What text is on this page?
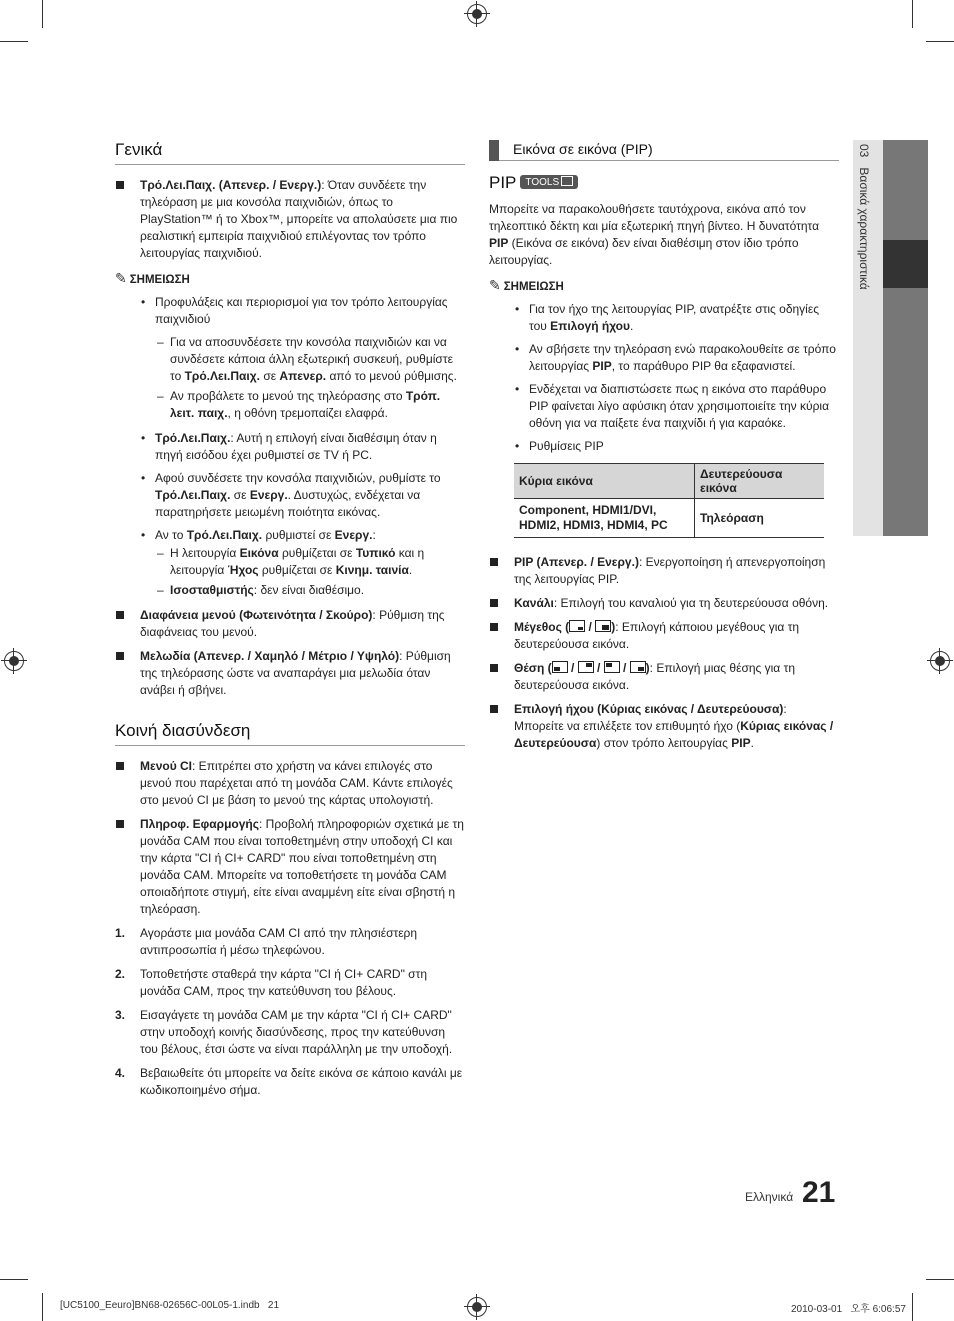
03   Βασικά χαρακτηριστικά
Γενικά
Τρό.Λει.Παιχ. (Απενερ. / Ενεργ.): Όταν συνδέετε την τηλεόραση με μια κονσόλα παιχνιδιών, όπως το PlayStation™ ή το Xbox™, μπορείτε να απολαύσετε μια πιο ρεαλιστική εμπειρία παιχνιδιού επιλέγοντας τον τρόπο λειτουργίας παιχνιδιού.
✎ ΣΗΜΕΙΩΣΗ
• Προφυλάξεις και περιορισμοί για τον τρόπο λειτουργίας παιχνιδιού
– Για να αποσυνδέσετε την κονσόλα παιχνιδιών και να συνδέσετε κάποια άλλη εξωτερική συσκευή, ρυθμίστε το Τρό.Λει.Παιχ. σε Απενερ. από το μενού ρύθμισης.
– Αν προβάλετε το μενού της τηλεόρασης στο Τρόπ. λειτ. παιχ., η οθόνη τρεμοπαίζει ελαφρά.
• Τρό.Λει.Παιχ.: Αυτή η επιλογή είναι διαθέσιμη όταν η πηγή εισόδου έχει ρυθμιστεί σε TV ή PC.
• Αφού συνδέσετε την κονσόλα παιχνιδιών, ρυθμίστε το Τρό.Λει.Παιχ. σε Ενεργ.. Δυστυχώς, ενδέχεται να παρατηρήσετε μειωμένη ποιότητα εικόνας.
• Αν το Τρό.Λει.Παιχ. ρυθμιστεί σε Ενεργ.:
– Η λειτουργία Εικόνα ρυθμίζεται σε Τυπικό και η λειτουργία Ήχος ρυθμίζεται σε Κινημ. ταινία.
– Ισοσταθμιστής: δεν είναι διαθέσιμο.
Διαφάνεια μενού (Φωτεινότητα / Σκούρο): Ρύθμιση της διαφάνειας του μενού.
Μελωδία (Απενερ. / Χαμηλό / Μέτριο / Υψηλό): Ρύθμιση της τηλεόρασης ώστε να αναπαράγει μια μελωδία όταν ανάβει ή σβήνει.
Κοινή διασύνδεση
Μενού CI: Επιτρέπει στο χρήστη να κάνει επιλογές στο μενού που παρέχεται από τη μονάδα CAM. Κάντε επιλογές στο μενού CI με βάση το μενού της κάρτας υπολογιστή.
Πληροφ. Εφαρμογής: Προβολή πληροφοριών σχετικά με τη μονάδα CAM που είναι τοποθετημένη στην υποδοχή CI και την κάρτα "CI ή CI+ CARD" που είναι τοποθετημένη στη μονάδα CAM. Μπορείτε να τοποθετήσετε τη μονάδα CAM οποιαδήποτε στιγμή, είτε είναι αναμμένη είτε είναι σβηστή η τηλεόραση.
1. Αγοράστε μια μονάδα CAM CI από την πλησιέστερη αντιπροσωπία ή μέσω τηλεφώνου.
2. Τοποθετήστε σταθερά την κάρτα "CI ή CI+ CARD" στη μονάδα CAM, προς την κατεύθυνση του βέλους.
3. Εισαγάγετε τη μονάδα CAM με την κάρτα "CI ή CI+ CARD" στην υποδοχή κοινής διασύνδεσης, προς την κατεύθυνση του βέλους, έτσι ώστε να είναι παράλληλη με την υποδοχή.
4. Βεβαιωθείτε ότι μπορείτε να δείτε εικόνα σε κάποιο κανάλι με κωδικοποιημένο σήμα.
Εικόνα σε εικόνα (PIP)
PIP TOOLS
Μπορείτε να παρακολουθήσετε ταυτόχρονα, εικόνα από τον τηλεοπτικό δέκτη και μία εξωτερική πηγή βίντεο. Η δυνατότητα PIP (Εικόνα σε εικόνα) δεν είναι διαθέσιμη στον ίδιο τρόπο λειτουργίας.
✎ ΣΗΜΕΙΩΣΗ
• Για τον ήχο της λειτουργίας PIP, ανατρέξτε στις οδηγίες του Επιλογή ήχου.
• Αν σβήσετε την τηλεόραση ενώ παρακολουθείτε σε τρόπο λειτουργίας PIP, το παράθυρο PIP θα εξαφανιστεί.
• Ενδέχεται να διαπιστώσετε πως η εικόνα στο παράθυρο PIP φαίνεται λίγο αφύσικη όταν χρησιμοποιείτε την κύρια οθόνη για να παίξετε ένα παιχνίδι ή για καραόκε.
• Ρυθμίσεις PIP
Κύρια εικόνα	Δευτερεύουσα εικόνα
Component, HDMI1/DVI,
HDMI2, HDMI3, HDMI4, PC	Τηλεόραση
PIP (Απενερ. / Ενεργ.): Ενεργοποίηση ή απενεργοποίηση της λειτουργίας PIP.
Κανάλι: Επιλογή του καναλιού για τη δευτερεύουσα οθόνη.
Μέγεθος (
/
): Επιλογή κάποιου μεγέθους για τη δευτερεύουσα εικόνα.
Θέση (
/
/
/
): Επιλογή μιας θέσης για τη δευτερεύουσα εικόνα.
Επιλογή ήχου (Κύριας εικόνας / Δευτερεύουσα): Μπορείτε να επιλέξετε τον επιθυμητό ήχο (Κύριας εικόνας / Δευτερεύουσα) στον τρόπο λειτουργίας PIP.
Ελληνικά 21
[UC5100_Eeuro]BN68-02656C-00L05-1.indb   21	2010-03-01   오후 6:06:57
